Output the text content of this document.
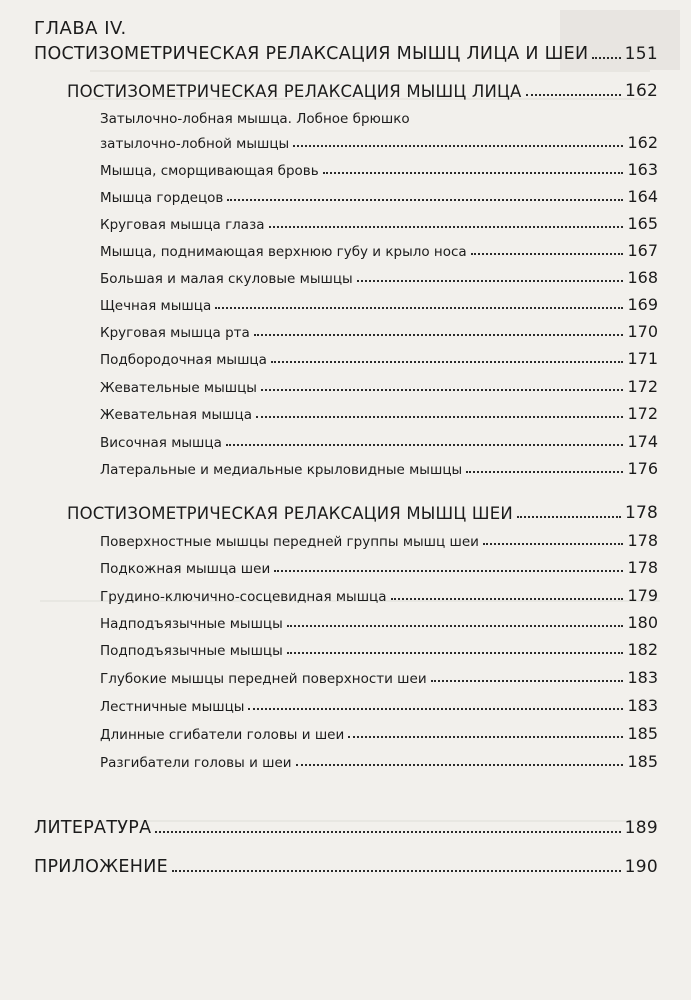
ГЛАВА IV.
ПОСТИЗОМЕТРИЧЕСКАЯ РЕЛАКСАЦИЯ МЫШЦ ЛИЦА И ШЕИ 151
ПОСТИЗОМЕТРИЧЕСКАЯ РЕЛАКСАЦИЯ МЫШЦ ЛИЦА	162
Затылочно-лобная мышца. Лобное брюшко
затылочно-лобной мышцы	162
Мышца, сморщивающая бровь	163
Мышца гордецов	164
Круговая мышца глаза	165
Мышца, поднимающая верхнюю губу и крыло носа	167
Большая и малая скуловые мышцы	168
Щечная мышца	169
Круговая мышца рта	170
Подбородочная мышца	171
Жевательные мышцы	172
Жевательная мышца	172
Височная мышца	174
Латеральные и медиальные крыловидные мышцы	176
ПОСТИЗОМЕТРИЧЕСКАЯ РЕЛАКСАЦИЯ МЫШЦ ШЕИ	178
Поверхностные мышцы передней группы мышц шеи	178
Подкожная мышца шеи	178
Грудино-ключично-сосцевидная мышца	179
Надподъязычные мышцы	180
Подподъязычные мышцы	182
Глубокие мышцы передней поверхности шеи	183
Лестничные мышцы	183
Длинные сгибатели головы и шеи	185
Разгибатели головы и шеи	185
ЛИТЕРАТУРА	189
ПРИЛОЖЕНИЕ	190
